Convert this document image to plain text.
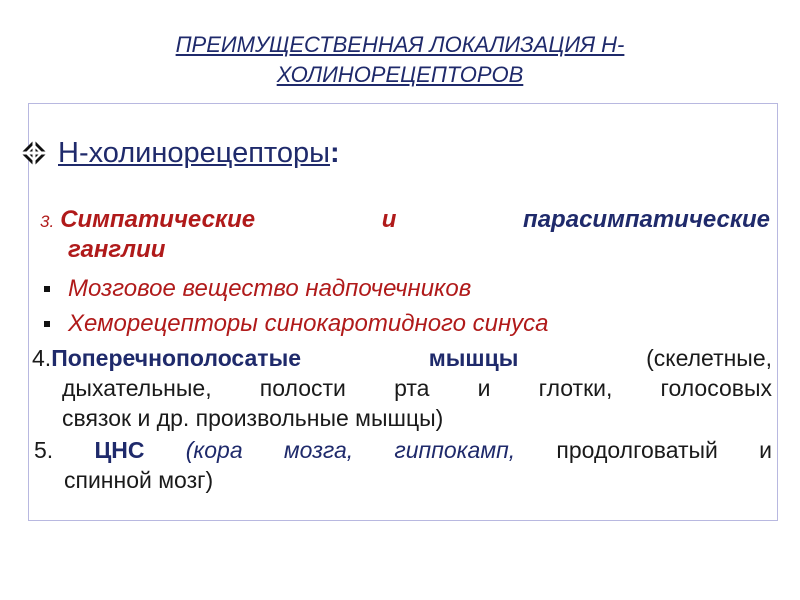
ПРЕИМУЩЕСТВЕННАЯ ЛОКАЛИЗАЦИЯ Н-
ХОЛИНОРЕЦЕПТОРОВ
Н-холинорецепторы :
3. Симпатические	и	парасимпатические
ганглии
Мозговое вещество надпочечников
Хеморецепторы синокаротидного синуса
4.Поперечнополосатые	мышцы	(скелетные,
дыхательные, полости рта и глотки, голосовых
связок и др. произвольные мышцы)
5. ЦНС (кора мозга, гиппокамп, продолговатый и
спинной мозг)
